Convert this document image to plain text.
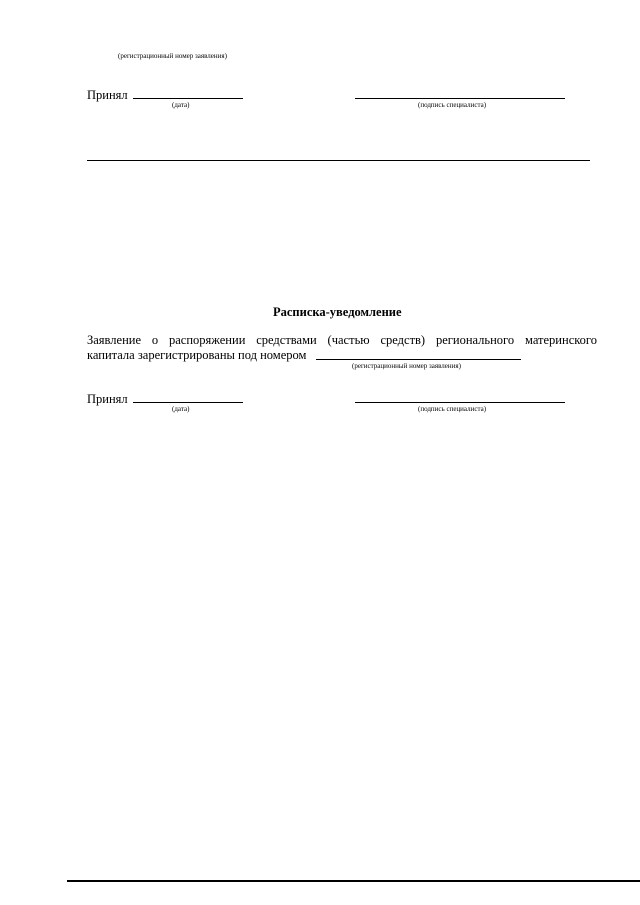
(регистрационный номер заявления)
Принял
(дата)	(подпись специалиста)
Расписка-уведомление
Заявление о распоряжении средствами (частью средств) регионального материнского
капитала зарегистрированы под номером
(регистрационный номер заявления)
Принял
(дата)	(подпись специалиста)
